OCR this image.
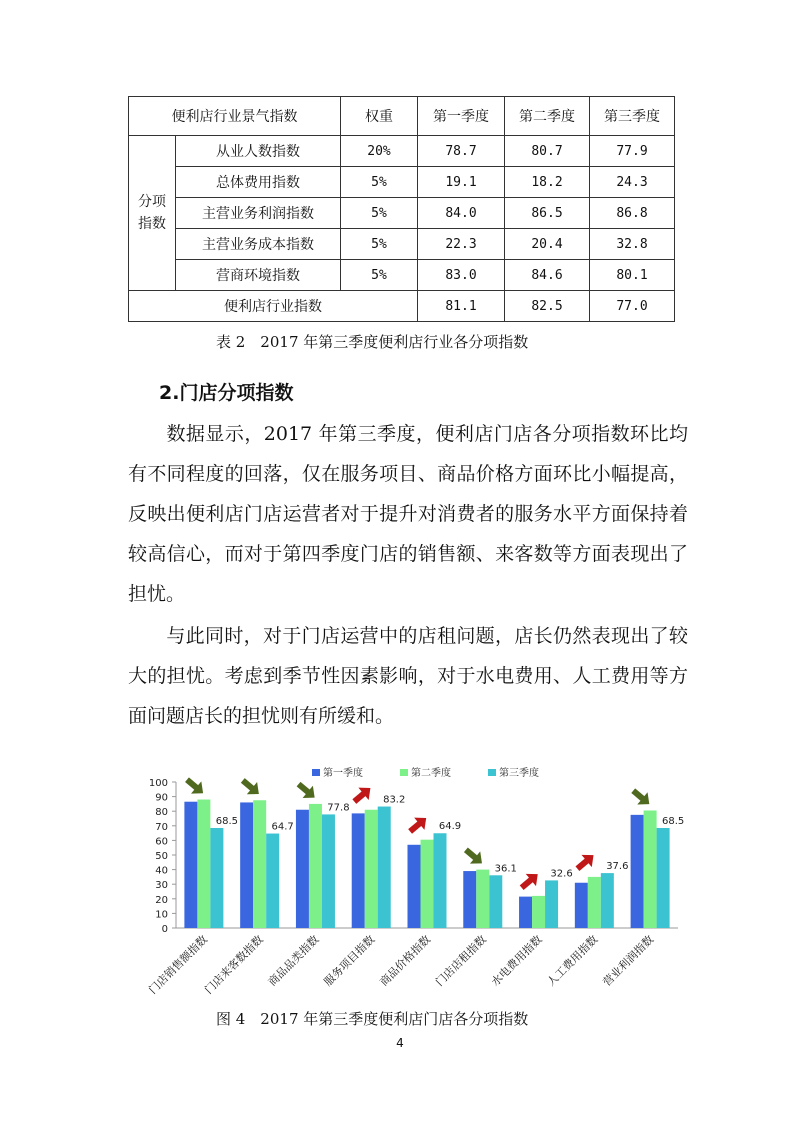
便利店行业景气指数		权重	第一季度	第二季度	第三季度
分项指数	从业人数指数	20%	78.7	80.7	77.9
	总体费用指数	5%	19.1	18.2	24.3
	主营业务利润指数	5%	84.0	86.5	86.8
	主营业务成本指数	5%	22.3	20.4	32.8
	营商环境指数	5%	83.0	84.6	80.1
便利店行业指数			81.1	82.5	77.0
表 2　2017 年第三季度便利店行业各分项指数
2.门店分项指数

数据显示，2017 年第三季度，便利店门店各分项指数环比均有不同程度的回落，仅在服务项目、商品价格方面环比小幅提高，反映出便利店门店运营者对于提升对消费者的服务水平方面保持着较高信心，而对于第四季度门店的销售额、来客数等方面表现出了担忧。

与此同时，对于门店运营中的店租问题，店长仍然表现出了较大的担忧。考虑到季节性因素影响，对于水电费用、人工费用等方面问题店长的担忧则有所缓和。

0
10
20
30
40
50
60
70
80
90
100
第一季度	第二季度	第三季度
68.5
门店销售额指数
64.7
门店来客数指数
77.8
商品品类指数
83.2
服务项目指数
64.9
商品价格指数
36.1
门店店租指数
32.6
水电费用指数
37.6
人工费用指数
68.5
营业利润指数
图 4　2017 年第三季度便利店门店各分项指数
4
